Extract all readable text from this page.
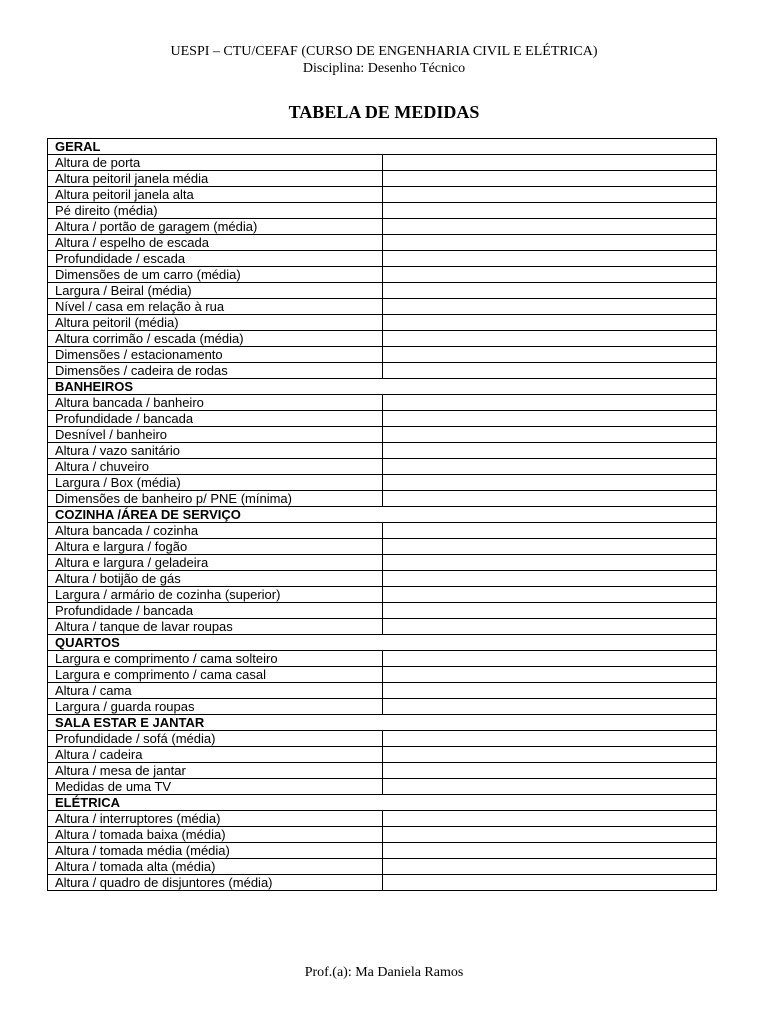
UESPI – CTU/CEFAF (CURSO DE ENGENHARIA CIVIL E ELÉTRICA)
Disciplina: Desenho Técnico
TABELA DE MEDIDAS
GERAL	
Altura de porta	
Altura peitoril janela média	
Altura peitoril janela alta	
Pé direito (média)	
Altura / portão de garagem (média)	
Altura / espelho de escada	
Profundidade / escada	
Dimensões de um carro (média)	
Largura / Beiral (média)	
Nível / casa em relação à rua	
Altura peitoril (média)	
Altura corrimão / escada (média)	
Dimensões / estacionamento	
Dimensões / cadeira de rodas	
BANHEIROS	
Altura bancada / banheiro	
Profundidade / bancada	
Desnível / banheiro	
Altura / vazo sanitário	
Altura / chuveiro	
Largura / Box (média)	
Dimensões de banheiro p/ PNE (mínima)	
COZINHA /ÁREA DE SERVIÇO	
Altura bancada / cozinha	
Altura e largura / fogão	
Altura e largura / geladeira	
Altura / botijão de gás	
Largura / armário de cozinha (superior)	
Profundidade / bancada	
Altura / tanque de lavar roupas	
QUARTOS	
Largura e comprimento / cama solteiro	
Largura e comprimento / cama casal	
Altura / cama	
Largura / guarda roupas	
SALA ESTAR E JANTAR	
Profundidade / sofá (média)	
Altura / cadeira	
Altura / mesa de jantar	
Medidas de uma TV	
ELÉTRICA	
Altura / interruptores (média)	
Altura / tomada baixa (média)	
Altura / tomada média (média)	
Altura / tomada alta (média)	
Altura / quadro de disjuntores (média)	
Prof.(a): Ma Daniela Ramos
